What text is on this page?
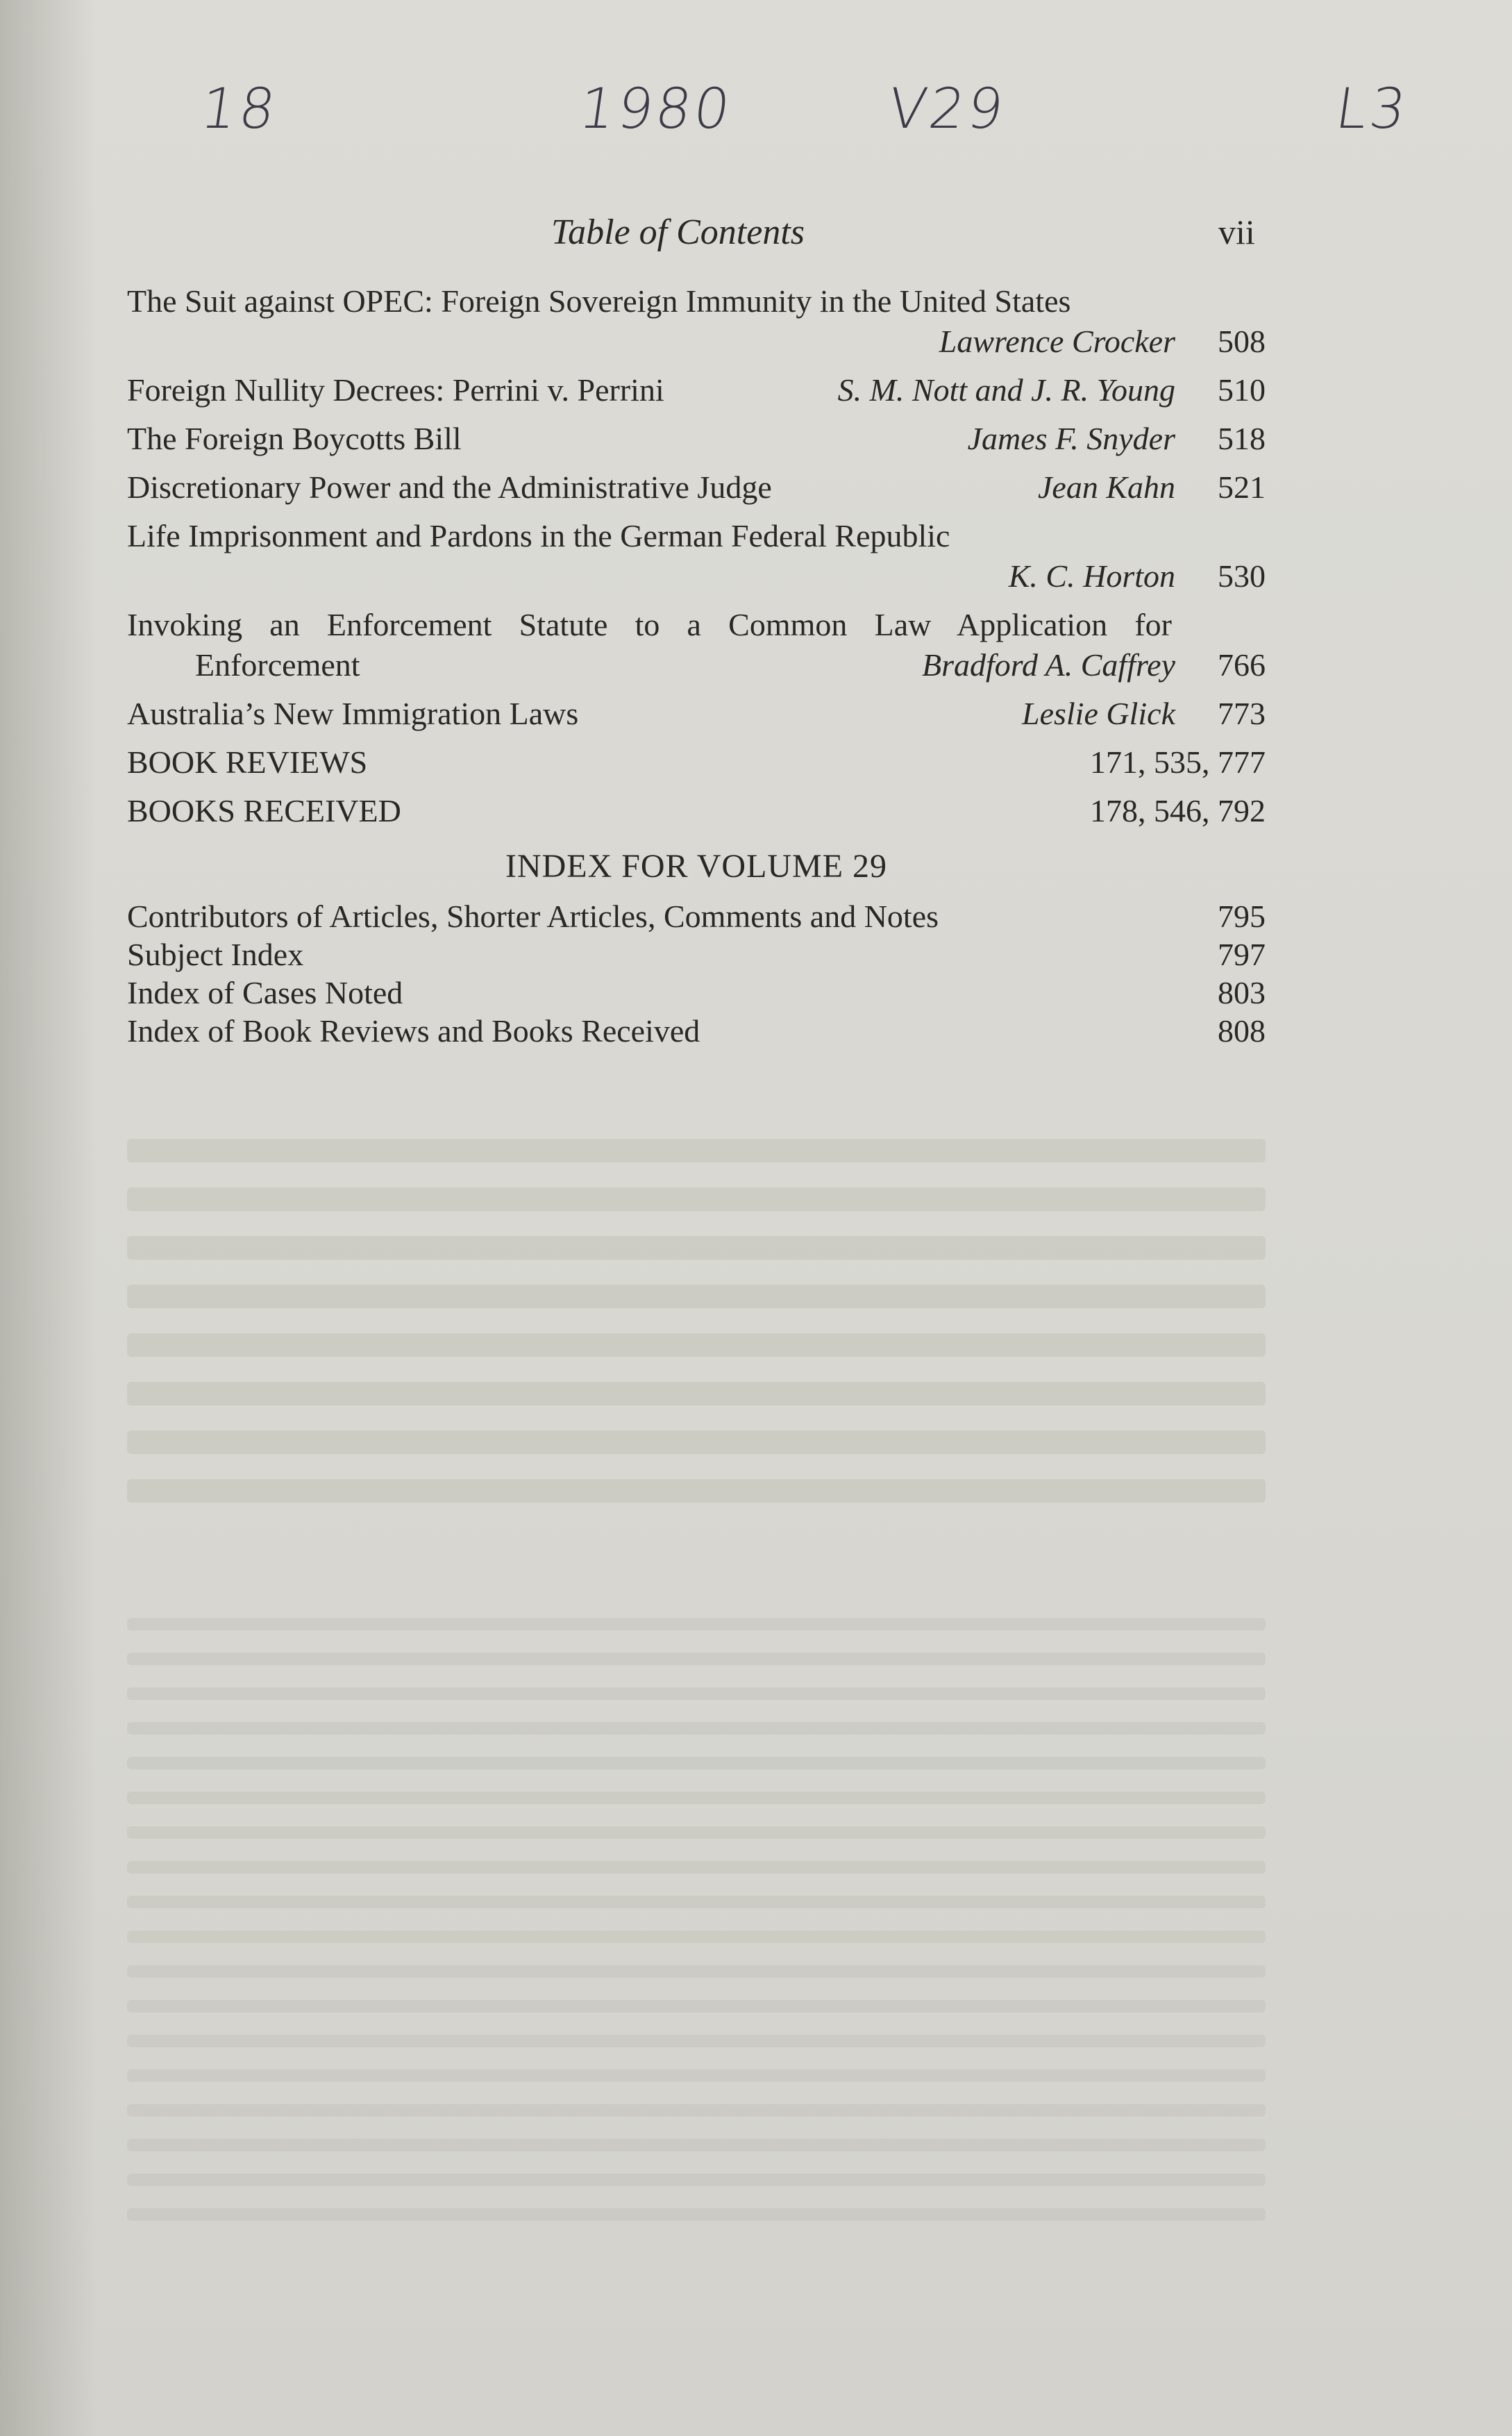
18	1980	V29	L3
Table of Contents	vii
The Suit against OPEC: Foreign Sovereign Immunity in the United States
Lawrence Crocker	508
Foreign Nullity Decrees: Perrini v. Perrini	S. M. Nott and J. R. Young	510
The Foreign Boycotts Bill	James F. Snyder	518
Discretionary Power and the Administrative Judge	Jean Kahn	521
Life Imprisonment and Pardons in the German Federal Republic
K. C. Horton	530
Invoking an Enforcement Statute to a Common Law Application for
Enforcement	Bradford A. Caffrey	766
Australia’s New Immigration Laws	Leslie Glick	773
BOOK REVIEWS	171, 535, 777
BOOKS RECEIVED	178, 546, 792
INDEX FOR VOLUME 29
Contributors of Articles, Shorter Articles, Comments and Notes	795
Subject Index	797
Index of Cases Noted	803
Index of Book Reviews and Books Received	808
